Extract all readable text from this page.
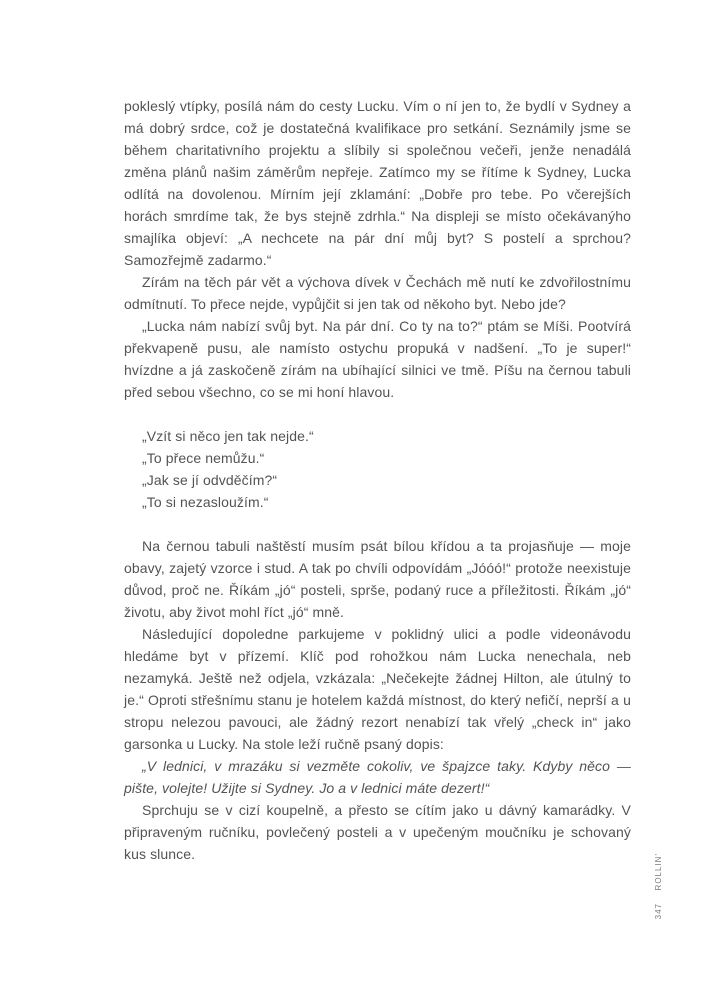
pokleslý vtípky, posílá nám do cesty Lucku. Vím o ní jen to, že bydlí v Sydney a má dobrý srdce, což je dostatečná kvalifikace pro setkání. Seznámily jsme se během charitativního projektu a slíbily si společnou večeři, jenže nenadálá změna plánů našim záměrům nepřeje. Zatímco my se řítíme k Sydney, Lucka odlítá na dovolenou. Mírním její zklamání: „Dobře pro tebe. Po včerejších horách smrdíme tak, že bys stejně zdrhla.“ Na displeji se místo očekávanýho smajlíka objeví: „A nechcete na pár dní můj byt? S postelí a sprchou? Samozřejmě zadarmo.“

Zírám na těch pár vět a výchova dívek v Čechách mě nutí ke zdvořilostnímu odmítnutí. To přece nejde, vypůjčit si jen tak od někoho byt. Nebo jde?

„Lucka nám nabízí svůj byt. Na pár dní. Co ty na to?“ ptám se Míši. Pootvírá překvapeně pusu, ale namísto ostychu propuká v nadšení. „To je super!“ hvízdne a já zaskočeně zírám na ubíhající silnici ve tmě. Píšu na černou tabuli před sebou všechno, co se mi honí hlavou.

„Vzít si něco jen tak nejde.“

„To přece nemůžu.“

„Jak se jí odvděčím?“

„To si nezasloužím.“

Na černou tabuli naštěstí musím psát bílou křídou a ta projasňuje — moje obavy, zajetý vzorce i stud. A tak po chvíli odpovídám „Jóóó!“ protože neexistuje důvod, proč ne. Říkám „jó“ posteli, sprše, podaný ruce a příležitosti. Říkám „jó“ životu, aby život mohl říct „jó“ mně.

Následující dopoledne parkujeme v poklidný ulici a podle videonávodu hledáme byt v přízemí. Klíč pod rohožkou nám Lucka nenechala, neb nezamyká. Ještě než odjela, vzkázala: „Nečekejte žádnej Hilton, ale útulný to je.“ Oproti střešnímu stanu je hotelem každá místnost, do který nefičí, neprší a u stropu nelezou pavouci, ale žádný rezort nenabízí tak vřelý „check in“ jako garsonka u Lucky. Na stole leží ručně psaný dopis:

„V lednici, v mrazáku si vezměte cokoliv, ve špajzce taky. Kdyby něco — pište, volejte! Užijte si Sydney. Jo a v lednici máte dezert!“

Sprchuju se v cizí koupelně, a přesto se cítím jako u dávný kamarádky. V připraveným ručníku, povlečený posteli a v upečeným moučníku je schovaný kus slunce.	ROLLIN'
347
